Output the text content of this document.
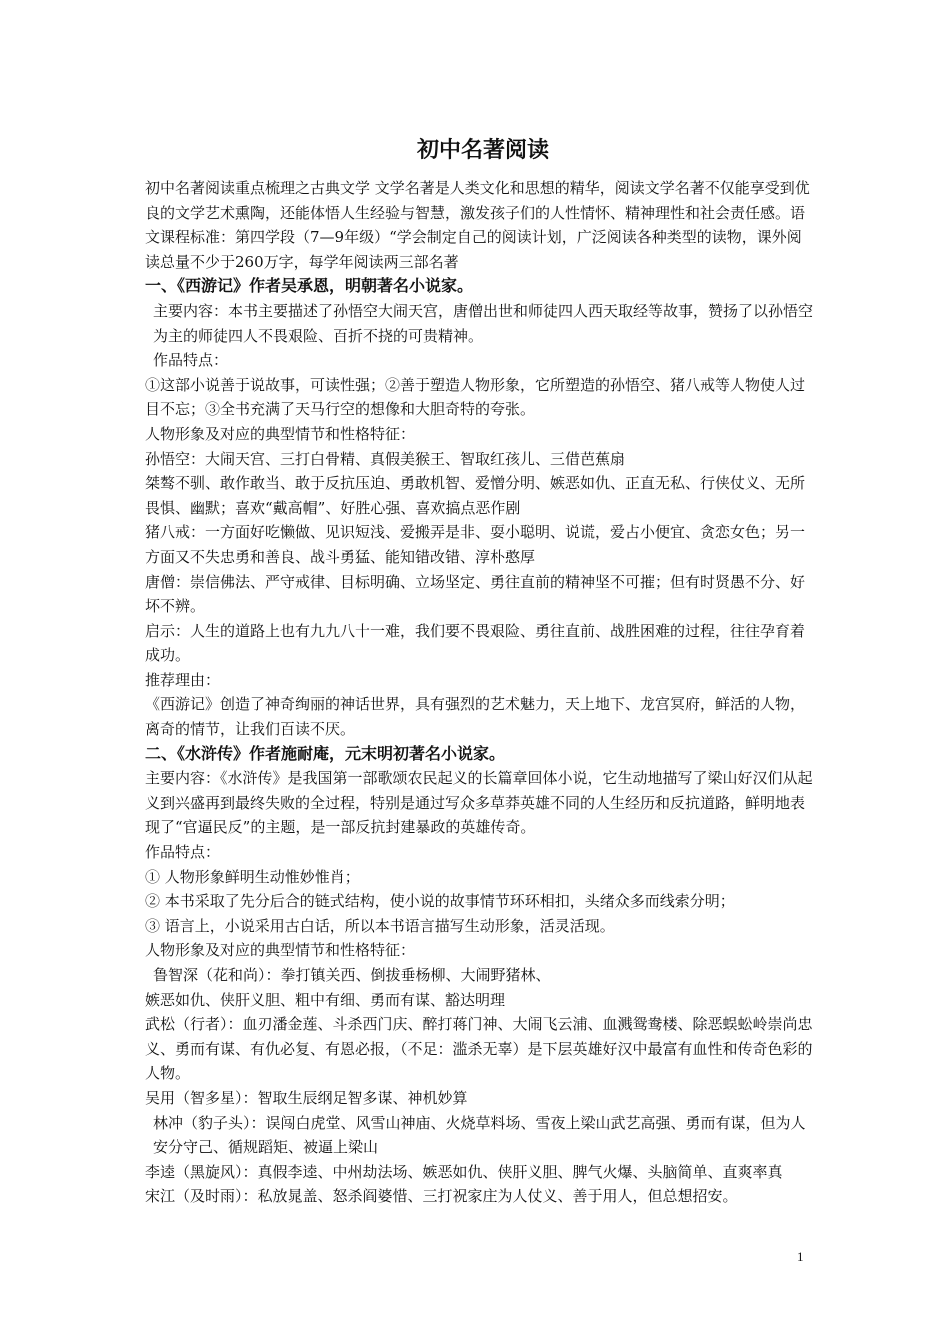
初中名著阅读

初中名著阅读重点梳理之古典文学 文学名著是人类文化和思想的精华，阅读文学名著不仅能享受到优良的文学艺术熏陶，还能体悟人生经验与智慧，激发孩子们的人性情怀、精神理性和社会责任感。语文课程标准：第四学段（7—9年级）“学会制定自己的阅读计划，广泛阅读各种类型的读物，课外阅读总量不少于260万字，每学年阅读两三部名著

一、《西游记》作者吴承恩，明朝著名小说家。

主要内容：本书主要描述了孙悟空大闹天宫，唐僧出世和师徒四人西天取经等故事，赞扬了以孙悟空为主的师徒四人不畏艰险、百折不挠的可贵精神。

作品特点：

①这部小说善于说故事，可读性强；②善于塑造人物形象，它所塑造的孙悟空、猪八戒等人物使人过目不忘；③全书充满了天马行空的想像和大胆奇特的夸张。

人物形象及对应的典型情节和性格特征：

孙悟空：大闹天宫、三打白骨精、真假美猴王、智取红孩儿、三借芭蕉扇

桀骜不驯、敢作敢当、敢于反抗压迫、勇敢机智、爱憎分明、嫉恶如仇、正直无私、行侠仗义、无所畏惧、幽默；喜欢“戴高帽”、好胜心强、喜欢搞点恶作剧

猪八戒：一方面好吃懒做、见识短浅、爱搬弄是非、耍小聪明、说谎，爱占小便宜、贪恋女色；另一方面又不失忠勇和善良、战斗勇猛、能知错改错、淳朴憨厚

唐僧：崇信佛法、严守戒律、目标明确、立场坚定、勇往直前的精神坚不可摧；但有时贤愚不分、好坏不辨。

启示：人生的道路上也有九九八十一难，我们要不畏艰险、勇往直前、战胜困难的过程，往往孕育着成功。

推荐理由：

《西游记》创造了神奇绚丽的神话世界，具有强烈的艺术魅力，天上地下、龙宫冥府，鲜活的人物，离奇的情节，让我们百读不厌。

二、《水浒传》作者施耐庵，元末明初著名小说家。

主要内容：《水浒传》是我国第一部歌颂农民起义的长篇章回体小说，它生动地描写了梁山好汉们从起义到兴盛再到最终失败的全过程，特别是通过写众多草莽英雄不同的人生经历和反抗道路，鲜明地表现了“官逼民反”的主题，是一部反抗封建暴政的英雄传奇。

作品特点：

① 人物形象鲜明生动惟妙惟肖；

② 本书采取了先分后合的链式结构，使小说的故事情节环环相扣，头绪众多而线索分明；

③ 语言上，小说采用古白话，所以本书语言描写生动形象，活灵活现。

人物形象及对应的典型情节和性格特征：

鲁智深（花和尚）：拳打镇关西、倒拔垂杨柳、大闹野猪林、

嫉恶如仇、侠肝义胆、粗中有细、勇而有谋、豁达明理

武松（行者）：血刃潘金莲、斗杀西门庆、醉打蒋门神、大闹飞云浦、血溅鸳鸯楼、除恶蜈蚣岭崇尚忠义、勇而有谋、有仇必复、有恩必报，（不足：滥杀无辜）是下层英雄好汉中最富有血性和传奇色彩的人物。

吴用（智多星）：智取生辰纲足智多谋、神机妙算

林冲（豹子头）：误闯白虎堂、风雪山神庙、火烧草料场、雪夜上梁山武艺高强、勇而有谋，但为人安分守己、循规蹈矩、被逼上梁山

李逵（黑旋风）：真假李逵、中州劫法场、嫉恶如仇、侠肝义胆、脾气火爆、头脑简单、直爽率真

宋江（及时雨）：私放晁盖、怒杀阎婆惜、三打祝家庄为人仗义、善于用人，但总想招安。

1
